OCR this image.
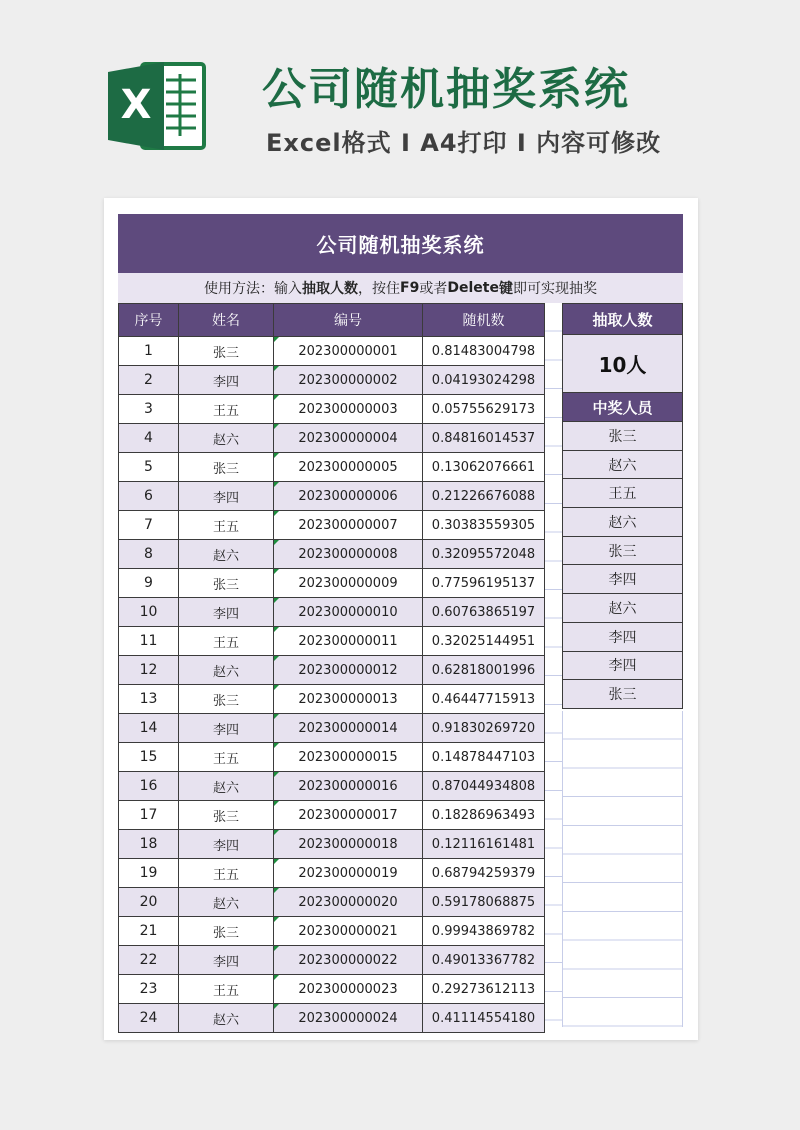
X	公司随机抽奖系统
Excel格式 I A4打印 I 内容可修改
公司随机抽奖系统
使用方法：输入 抽取人数 ，按住 F9 或者 Delete 键 即可实现抽奖
序号	姓名	编号	随机数
1	张三	202300000001	0.81483004798
2	李四	202300000002	0.04193024298
3	王五	202300000003	0.05755629173
4	赵六	202300000004	0.84816014537
5	张三	202300000005	0.13062076661
6	李四	202300000006	0.21226676088
7	王五	202300000007	0.30383559305
8	赵六	202300000008	0.32095572048
9	张三	202300000009	0.77596195137
10	李四	202300000010	0.60763865197
11	王五	202300000011	0.32025144951
12	赵六	202300000012	0.62818001996
13	张三	202300000013	0.46447715913
14	李四	202300000014	0.91830269720
15	王五	202300000015	0.14878447103
16	赵六	202300000016	0.87044934808
17	张三	202300000017	0.18286963493
18	李四	202300000018	0.12116161481
19	王五	202300000019	0.68794259379
20	赵六	202300000020	0.59178068875
21	张三	202300000021	0.99943869782
22	李四	202300000022	0.49013367782
23	王五	202300000023	0.29273612113
24	赵六	202300000024	0.41114554180
抽取人数
10人
中奖人员
张三
赵六
王五
赵六
张三
李四
赵六
李四
李四
张三
